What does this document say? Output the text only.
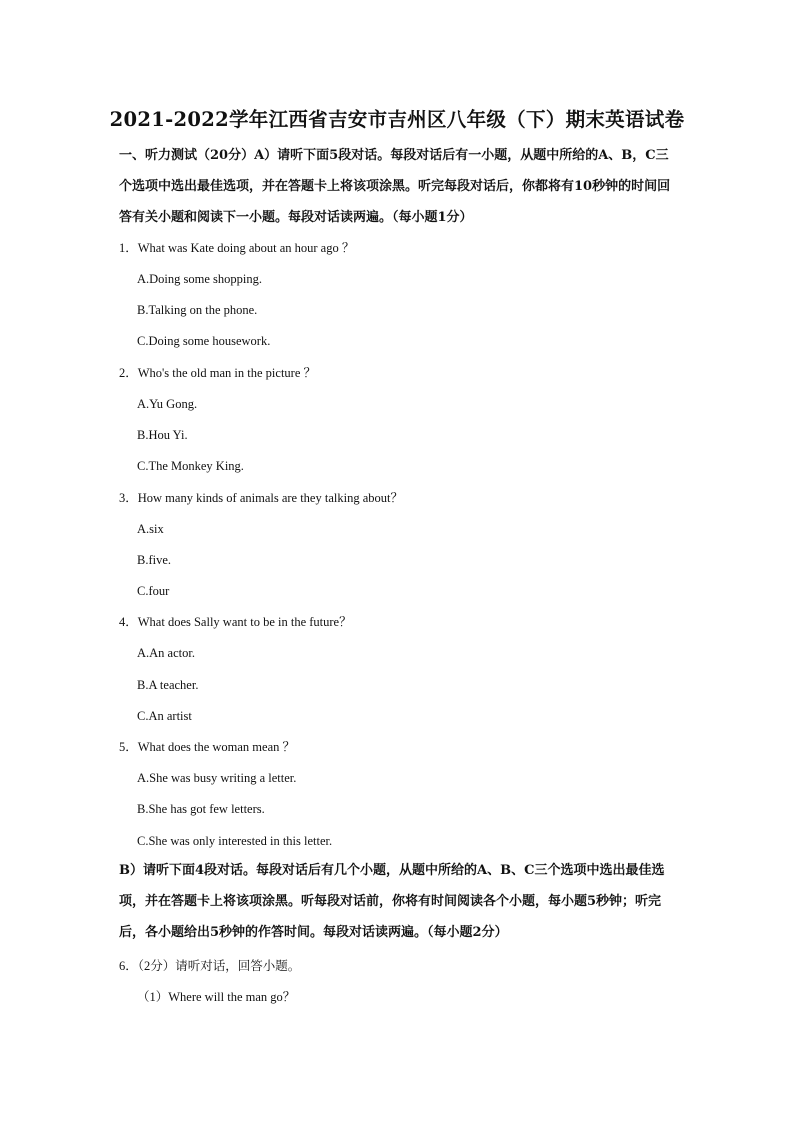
2021-2022学年江西省吉安市吉州区八年级（下）期末英语试卷
一、听力测试（20分）A）请听下面5段对话。每段对话后有一小题，从题中所给的A、B，C三个选项中选出最佳选项，并在答题卡上将该项涂黑。听完每段对话后，你都将有10秒钟的时间回答有关小题和阅读下一小题。每段对话读两遍。（每小题1分）
1．What was Kate doing about an hour ago ？
A.Doing some shopping.
B.Talking on the phone.
C.Doing some housework.
2．Who's the old man in the picture ？
A.Yu Gong.
B.Hou Yi.
C.The Monkey King.
3．How many kinds of animals are they talking about？
A.six
B.five.
C.four
4．What does Sally want to be in the future？
A.An actor.
B.A teacher.
C.An artist
5．What does the woman mean ？
A.She was busy writing a letter.
B.She has got few letters.
C.She was only interested in this letter.
B）请听下面4段对话。每段对话后有几个小题，从题中所给的A、B、C三个选项中选出最佳选项，并在答题卡上将该项涂黑。听每段对话前，你将有时间阅读各个小题，每小题5秒钟；听完后，各小题给出5秒钟的作答时间。每段对话读两遍。（每小题2分）
6．（2分）请听对话，回答小题。
（1）Where will the man go？
